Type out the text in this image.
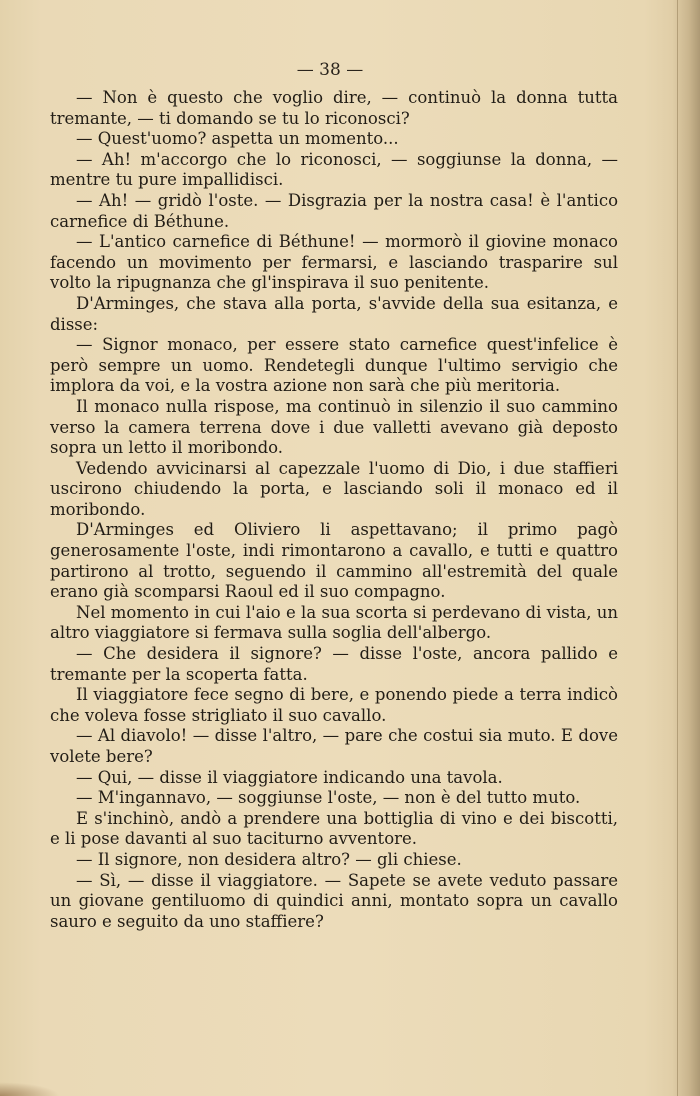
— 38 —

— Non è questo che voglio dire, — continuò la donna tutta tremante, — ti domando se tu lo riconosci?

— Quest'uomo? aspetta un momento...

— Ah! m'accorgo che lo riconosci, — soggiunse la donna, — mentre tu pure impallidisci.

— Ah! — gridò l'oste. — Disgrazia per la nostra casa! è l'antico carnefice di Béthune.

— L'antico carnefice di Béthune! — mormorò il giovine monaco facendo un movimento per fermarsi, e lasciando trasparire sul volto la ripugnanza che gl'inspirava il suo penitente.

D'Arminges, che stava alla porta, s'avvide della sua esitanza, e disse:

— Signor monaco, per essere stato carnefice quest'infelice è però sempre un uomo. Rendetegli dunque l'ultimo servigio che implora da voi, e la vostra azione non sarà che più meritoria.

Il monaco nulla rispose, ma continuò in silenzio il suo cammino verso la camera terrena dove i due valletti avevano già deposto sopra un letto il moribondo.

Vedendo avvicinarsi al capezzale l'uomo di Dio, i due staffieri uscirono chiudendo la porta, e lasciando soli il monaco ed il moribondo.

D'Arminges ed Oliviero li aspettavano; il primo pagò generosamente l'oste, indi rimontarono a cavallo, e tutti e quattro partirono al trotto, seguendo il cammino all'estremità del quale erano già scomparsi Raoul ed il suo compagno.

Nel momento in cui l'aio e la sua scorta si perdevano di vista, un altro viaggiatore si fermava sulla soglia dell'albergo.

— Che desidera il signore? — disse l'oste, ancora pallido e tremante per la scoperta fatta.

Il viaggiatore fece segno di bere, e ponendo piede a terra indicò che voleva fosse strigliato il suo cavallo.

— Al diavolo! — disse l'altro, — pare che costui sia muto. E dove volete bere?

— Qui, — disse il viaggiatore indicando una tavola.

— M'ingannavo, — soggiunse l'oste, — non è del tutto muto.

E s'inchinò, andò a prendere una bottiglia di vino e dei biscotti, e li pose davanti al suo taciturno avventore.

— Il signore, non desidera altro? — gli chiese.

— Sì, — disse il viaggiatore. — Sapete se avete veduto passare un giovane gentiluomo di quindici anni, montato sopra un cavallo sauro e seguito da uno staffiere?
